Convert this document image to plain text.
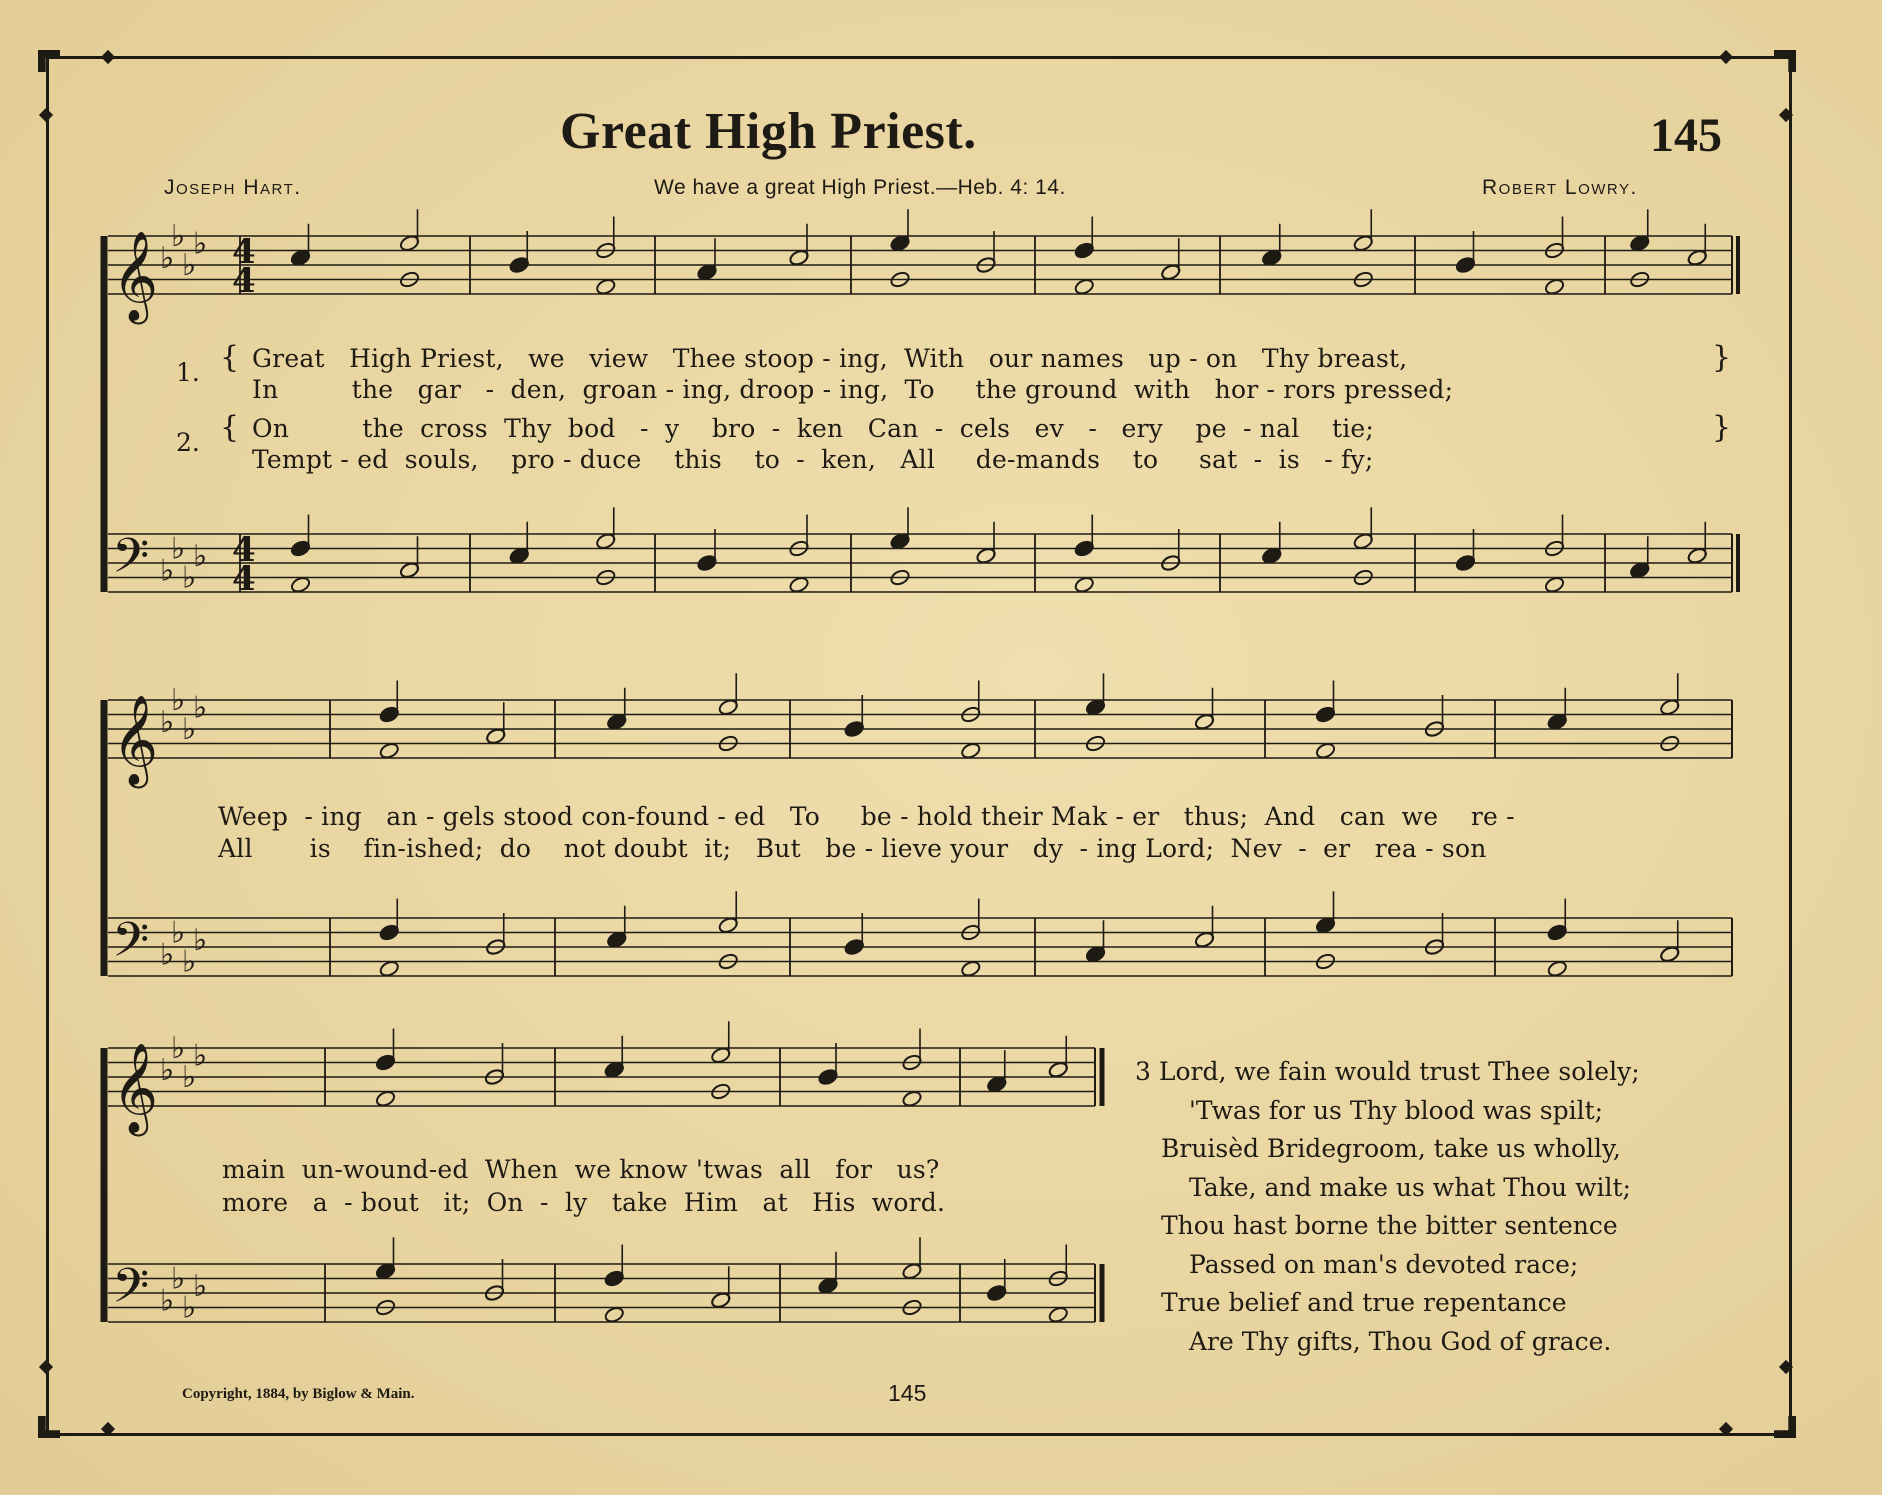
Great High Priest.	145
Joseph Hart.	We have a great High Priest.—Heb. 4: 14.	Robert Lowry.
𝄞
𝄢
♭
♭
♭
♭
♭
♭
♭
♭
4
4
4
4
𝄞
𝄢
♭
♭
♭
♭
♭
♭
♭
♭
𝄞
𝄢
♭
♭
♭
♭
♭
♭
♭
♭
1. { Great   High Priest,   we   view   Thee stoop - ing,  With   our names   up - on   Thy breast,
In         the   gar   -  den,  groan - ing, droop - ing,  To     the ground  with   hor - rors pressed;
}
2. { On         the  cross  Thy  bod   -  y    bro  -  ken   Can  -  cels   ev   -   ery    pe  - nal    tie;
Tempt - ed  souls,    pro - duce    this    to  -  ken,   All     de-mands    to     sat  -  is   - fy;
}
Weep  - ing   an - gels stood con-found - ed   To     be - hold their Mak - er   thus;  And   can  we    re -
All       is    fin-ished;  do    not doubt  it;   But   be - lieve your   dy  - ing Lord;  Nev  -  er   rea - son
main  un-wound-ed  When  we know 'twas  all   for   us?
more   a  - bout   it;  On  -  ly   take  Him   at   His  word.
3 Lord, we fain would trust Thee solely;
'Twas for us Thy blood was spilt;
Bruisèd Bridegroom, take us wholly,
Take, and make us what Thou wilt;
Thou hast borne the bitter sentence
Passed on man's devoted race;
True belief and true repentance
Are Thy gifts, Thou God of grace.
Copyright, 1884, by Biglow & Main.	145
